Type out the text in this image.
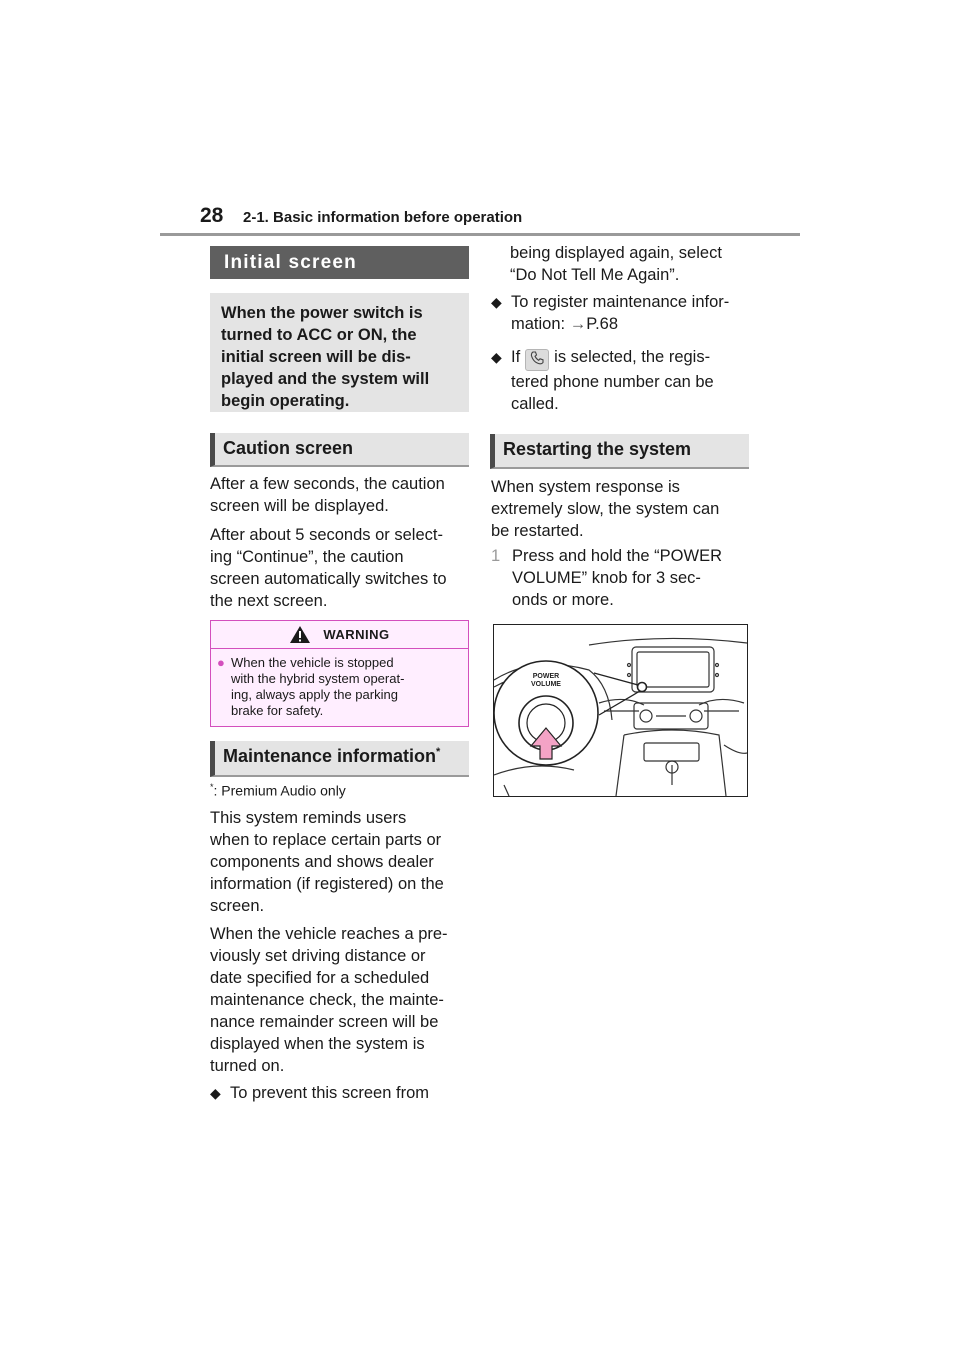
28 2-1. Basic information before operation
Initial screen
When the power switch is
turned to ACC or ON, the
initial screen will be dis-
played and the system will
begin operating.
Caution screen
After a few seconds, the caution
screen will be displayed.
After about 5 seconds or select-
ing “Continue”, the caution
screen automatically switches to
the next screen.
WARNING
● When the vehicle is stopped
with the hybrid system operat-
ing, always apply the parking
brake for safety.
Maintenance information*
*: Premium Audio only
This system reminds users
when to replace certain parts or
components and shows dealer
information (if registered) on the
screen.
When the vehicle reaches a pre-
viously set driving distance or
date specified for a scheduled
maintenance check, the mainte-
nance remainder screen will be
displayed when the system is
turned on.
◆ To prevent this screen from
being displayed again, select
“Do Not Tell Me Again”.
◆ To register maintenance infor-
mation: →P.68
◆ If is selected, the regis-
tered phone number can be
called.
Restarting the system
When system response is
extremely slow, the system can
be restarted.
1 Press and hold the “POWER
VOLUME” knob for 3 sec-
onds or more.
POWER
VOLUME
